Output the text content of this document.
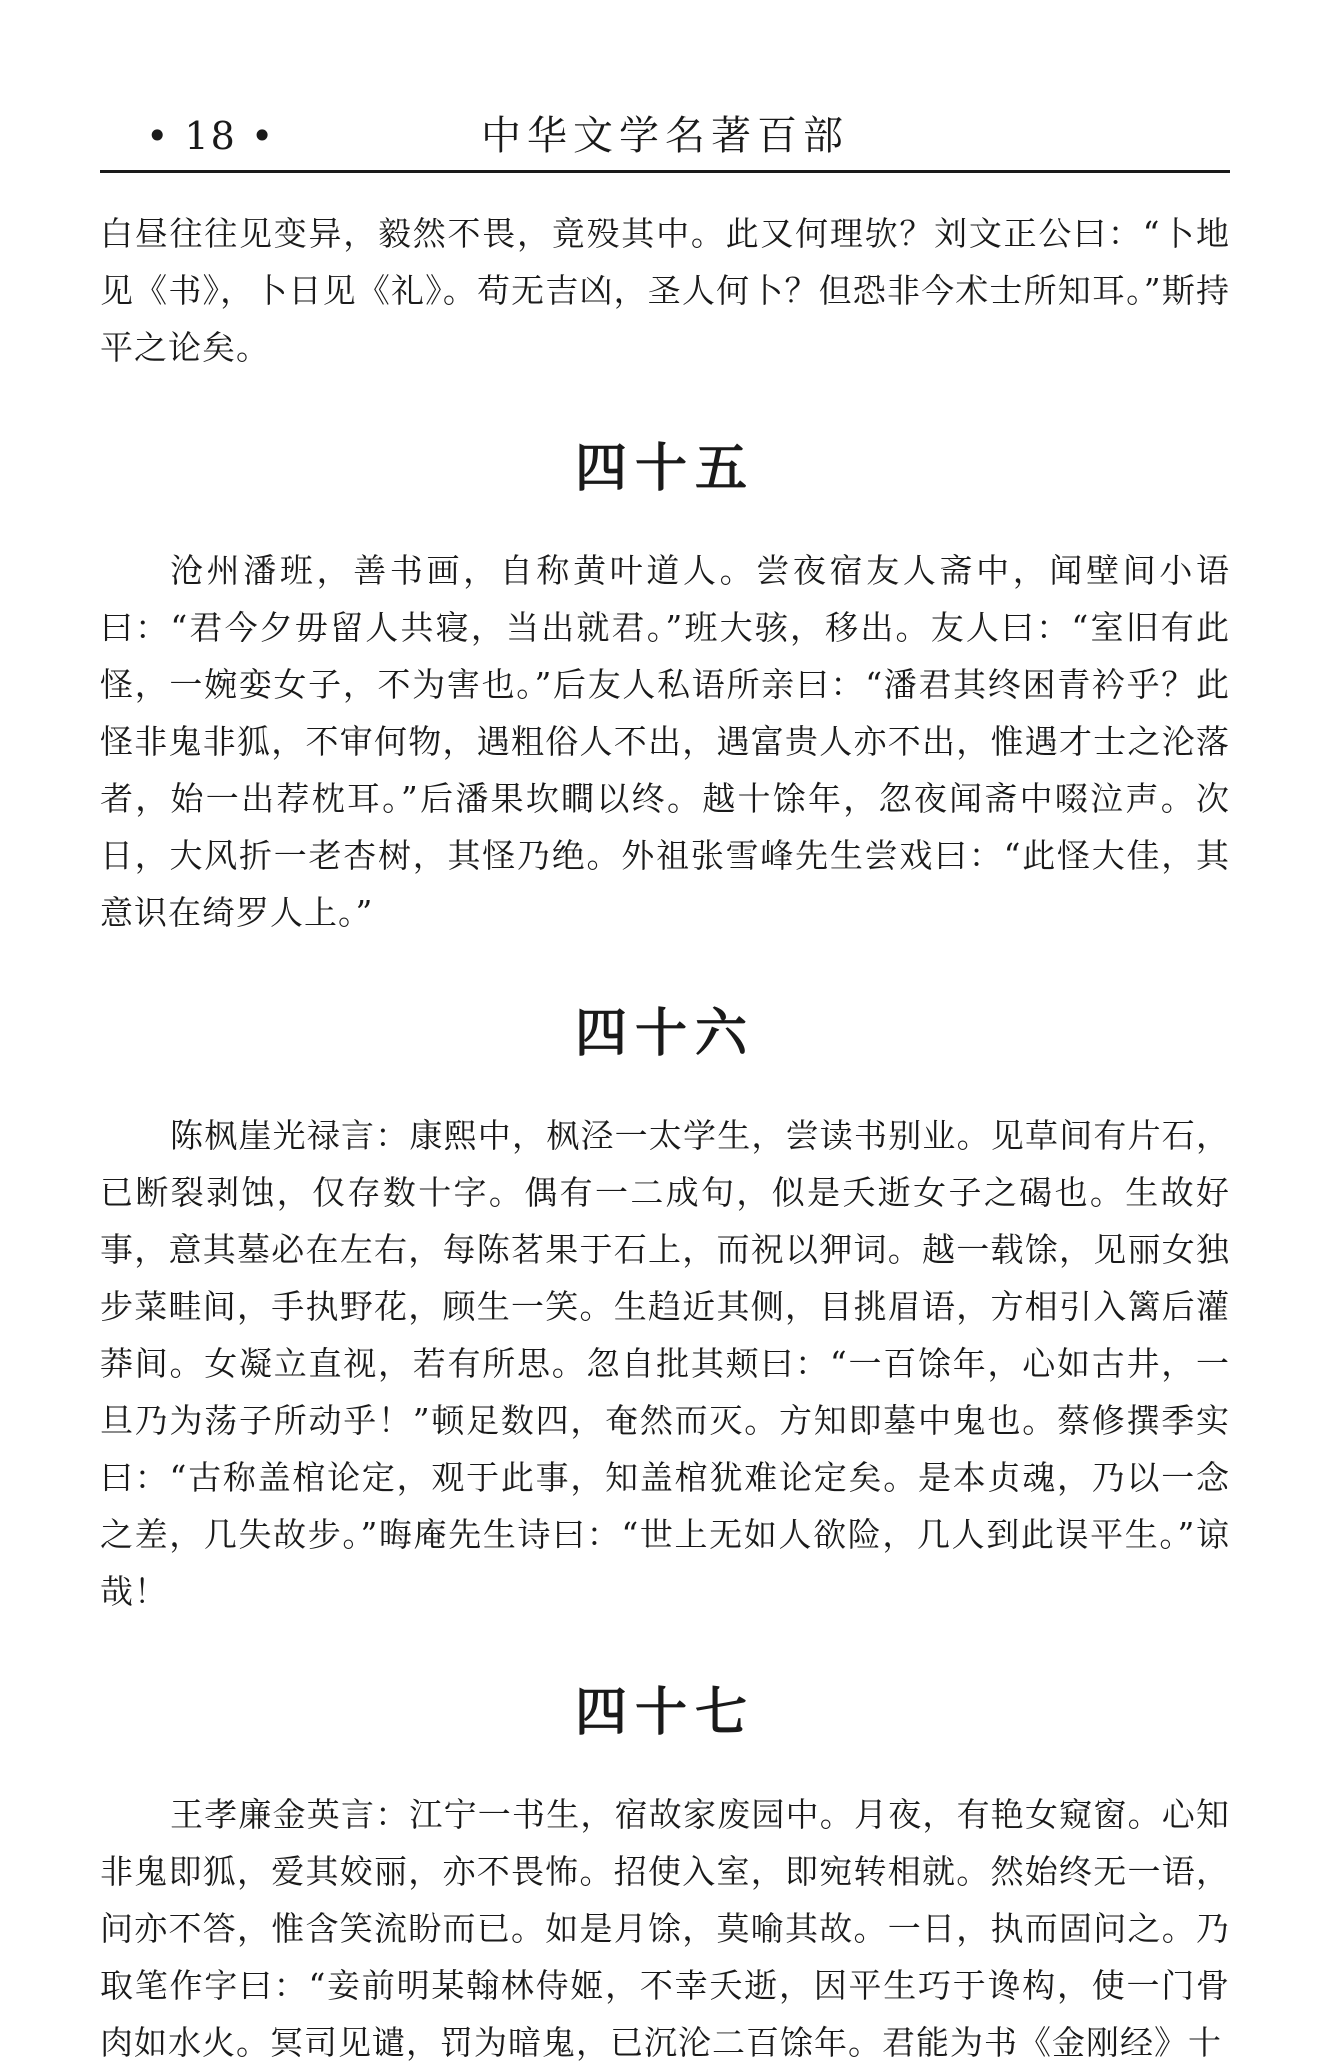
• 18 •	中华文学名著百部

白昼往往见变异，毅然不畏，竟殁其中。此又何理欤？刘文正公曰：“卜地见《书》，卜日见《礼》。苟无吉凶，圣人何卜？但恐非今术士所知耳。”斯持平之论矣。

四十五

沧州潘班，善书画，自称黄叶道人。尝夜宿友人斋中，闻壁间小语曰：“君今夕毋留人共寝，当出就君。”班大骇，移出。友人曰：“室旧有此怪，一婉娈女子，不为害也。”后友人私语所亲曰：“潘君其终困青衿乎？此怪非鬼非狐，不审何物，遇粗俗人不出，遇富贵人亦不出，惟遇才士之沦落者，始一出荐枕耳。”后潘果坎瞷以终。越十馀年，忽夜闻斋中啜泣声。次日，大风折一老杏树，其怪乃绝。外祖张雪峰先生尝戏曰：“此怪大佳，其意识在绮罗人上。”

四十六

陈枫崖光禄言：康熙中，枫泾一太学生，尝读书别业。见草间有片石，已断裂剥蚀，仅存数十字。偶有一二成句，似是夭逝女子之碣也。生故好事，意其墓必在左右，每陈茗果于石上，而祝以狎词。越一载馀，见丽女独步菜畦间，手执野花，顾生一笑。生趋近其侧，目挑眉语，方相引入篱后灌莽间。女凝立直视，若有所思。忽自批其颊曰：“一百馀年，心如古井，一旦乃为荡子所动乎！”顿足数四，奄然而灭。方知即墓中鬼也。蔡修撰季实曰：“古称盖棺论定，观于此事，知盖棺犹难论定矣。是本贞魂，乃以一念之差，几失故步。”晦庵先生诗曰：“世上无如人欲险，几人到此误平生。”谅哉！

四十七

王孝廉金英言：江宁一书生，宿故家废园中。月夜，有艳女窥窗。心知非鬼即狐，爱其姣丽，亦不畏怖。招使入室，即宛转相就。然始终无一语，问亦不答，惟含笑流盼而已。如是月馀，莫喻其故。一日，执而固问之。乃取笔作字曰：“妾前明某翰林侍姬，不幸夭逝，因平生巧于谗构，使一门骨肉如水火。冥司见谴，罚为暗鬼，已沉沦二百馀年。君能为书《金刚经》十
